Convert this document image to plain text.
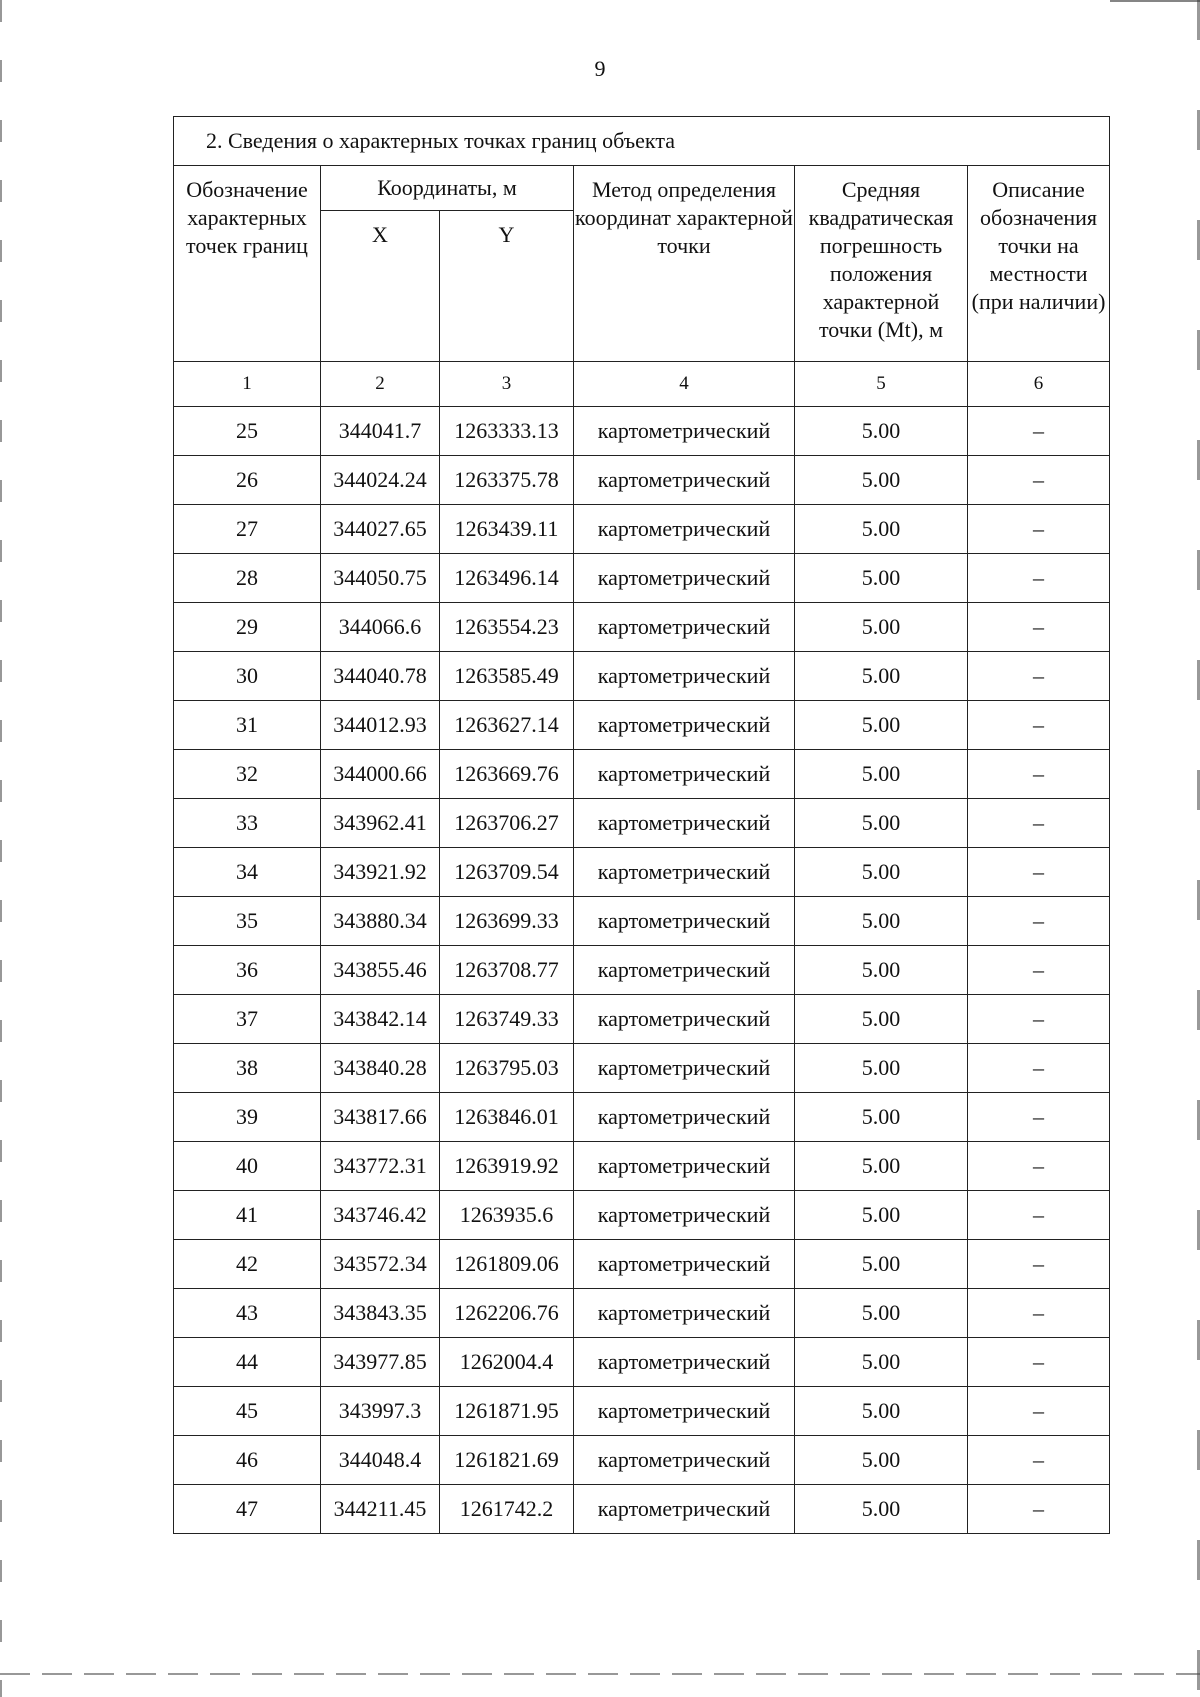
9
2. Сведения о характерных точках границ объекта					
Обозначение характерных точек границ	Координаты, м		Метод определения координат характерной точки	Средняя квадратическая погрешность положения характерной точки (Mt), м	Описание обозначения точки на местности (при наличии)
	X	Y			
1	2	3	4	5	6
25	344041.7	1263333.13	картометрический	5.00	–
26	344024.24	1263375.78	картометрический	5.00	–
27	344027.65	1263439.11	картометрический	5.00	–
28	344050.75	1263496.14	картометрический	5.00	–
29	344066.6	1263554.23	картометрический	5.00	–
30	344040.78	1263585.49	картометрический	5.00	–
31	344012.93	1263627.14	картометрический	5.00	–
32	344000.66	1263669.76	картометрический	5.00	–
33	343962.41	1263706.27	картометрический	5.00	–
34	343921.92	1263709.54	картометрический	5.00	–
35	343880.34	1263699.33	картометрический	5.00	–
36	343855.46	1263708.77	картометрический	5.00	–
37	343842.14	1263749.33	картометрический	5.00	–
38	343840.28	1263795.03	картометрический	5.00	–
39	343817.66	1263846.01	картометрический	5.00	–
40	343772.31	1263919.92	картометрический	5.00	–
41	343746.42	1263935.6	картометрический	5.00	–
42	343572.34	1261809.06	картометрический	5.00	–
43	343843.35	1262206.76	картометрический	5.00	–
44	343977.85	1262004.4	картометрический	5.00	–
45	343997.3	1261871.95	картометрический	5.00	–
46	344048.4	1261821.69	картометрический	5.00	–
47	344211.45	1261742.2	картометрический	5.00	–
